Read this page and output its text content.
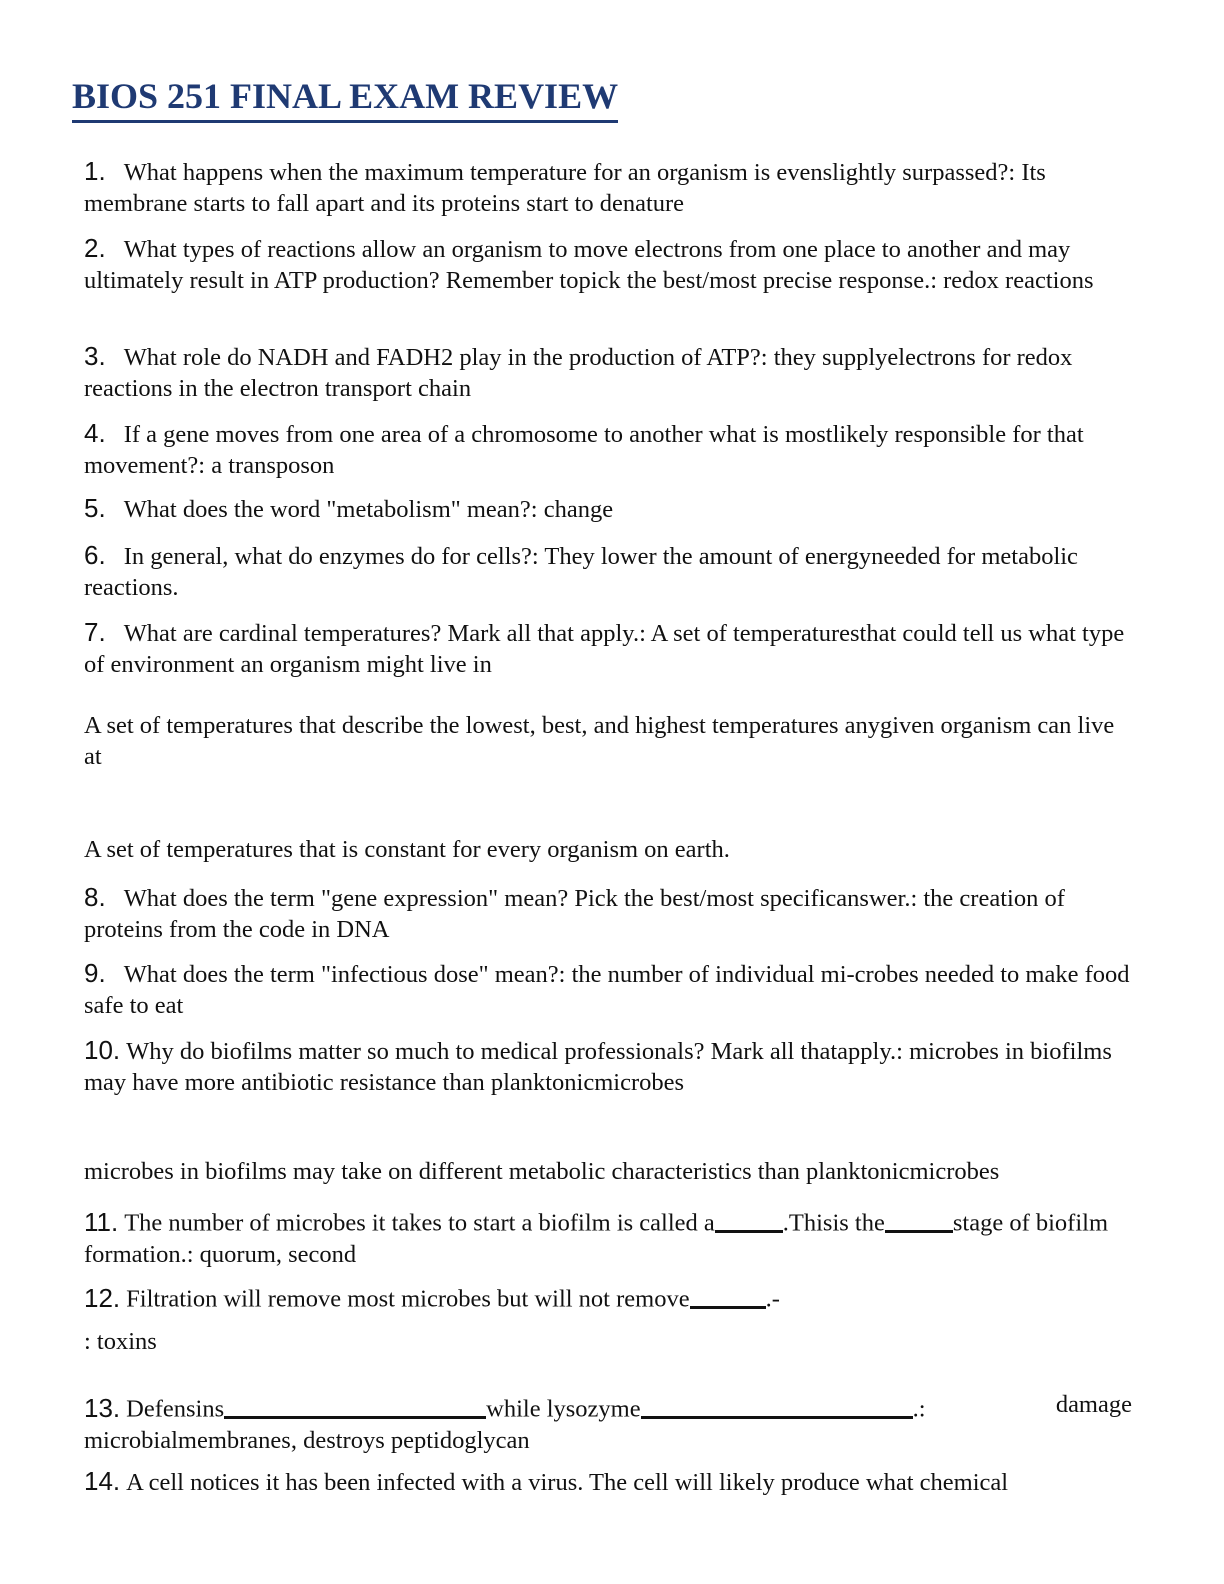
BIOS 251 FINAL EXAM REVIEW

1. What happens when the maximum temperature for an organism is evenslightly surpassed?: Its membrane starts to fall apart and its proteins start to denature

2. What types of reactions allow an organism to move electrons from one place to another and may ultimately result in ATP production? Remember topick the best/most precise response.: redox reactions

3. What role do NADH and FADH2 play in the production of ATP?: they supplyelectrons for redox reactions in the electron transport chain

4. If a gene moves from one area of a chromosome to another what is mostlikely responsible for that movement?: a transposon

5. What does the word "metabolism" mean?: change

6. In general, what do enzymes do for cells?: They lower the amount of energyneeded for metabolic reactions.

7. What are cardinal temperatures? Mark all that apply.: A set of temperaturesthat could tell us what type of environment an organism might live in

A set of temperatures that describe the lowest, best, and highest temperatures anygiven organism can live at

A set of temperatures that is constant for every organism on earth.

8. What does the term "gene expression" mean? Pick the best/most specificanswer.: the creation of proteins from the code in DNA

9. What does the term "infectious dose" mean?: the number of individual mi-crobes needed to make food safe to eat

10. Why do biofilms matter so much to medical professionals? Mark all thatapply.: microbes in biofilms may have more antibiotic resistance than planktonicmicrobes

microbes in biofilms may take on different metabolic characteristics than planktonicmicrobes

11. The number of microbes it takes to start a biofilm is called a	.Thisis the	stage of biofilm formation.: quorum, second

12. Filtration will remove most microbes but will not remove	.-

: toxins

13. Defensins	while lysozyme	.:	damage
microbialmembranes, destroys peptidoglycan

14. A cell notices it has been infected with a virus. The cell will likely produce what chemical
